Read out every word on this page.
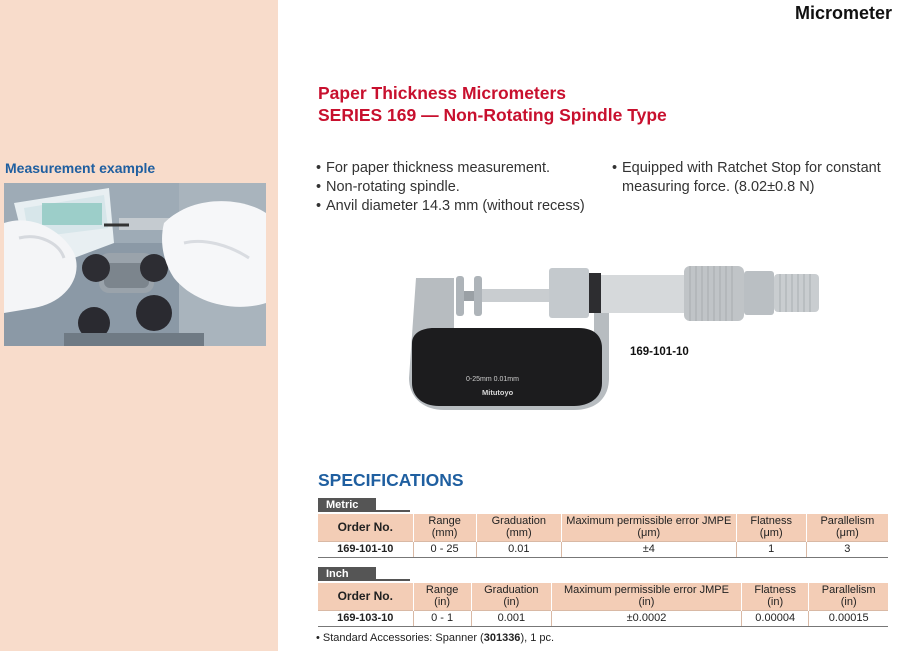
Measurement example
Micrometer
Paper Thickness Micrometers
SERIES 169 — Non-Rotating Spindle Type
• For paper thickness measurement.
• Non-rotating spindle.
• Anvil diameter 14.3 mm (without recess)
• Equipped with Ratchet Stop for constant measuring force. (8.02±0.8 N)
0-25mm 0.01mm
Mitutoyo
169-101-10
SPECIFICATIONS
Metric
Order No.	Range (mm)	Graduation (mm)	Maximum permissible error JMPE (μm)	Flatness (μm)	Parallelism (μm)
169-101-10	0 - 25	0.01	±4	1	3
Inch
Order No.	Range (in)	Graduation (in)	Maximum permissible error JMPE (in)	Flatness (in)	Parallelism (in)
169-103-10	0 - 1	0.001	±0.0002	0.00004	0.00015
• Standard Accessories: Spanner (301336), 1 pc.
